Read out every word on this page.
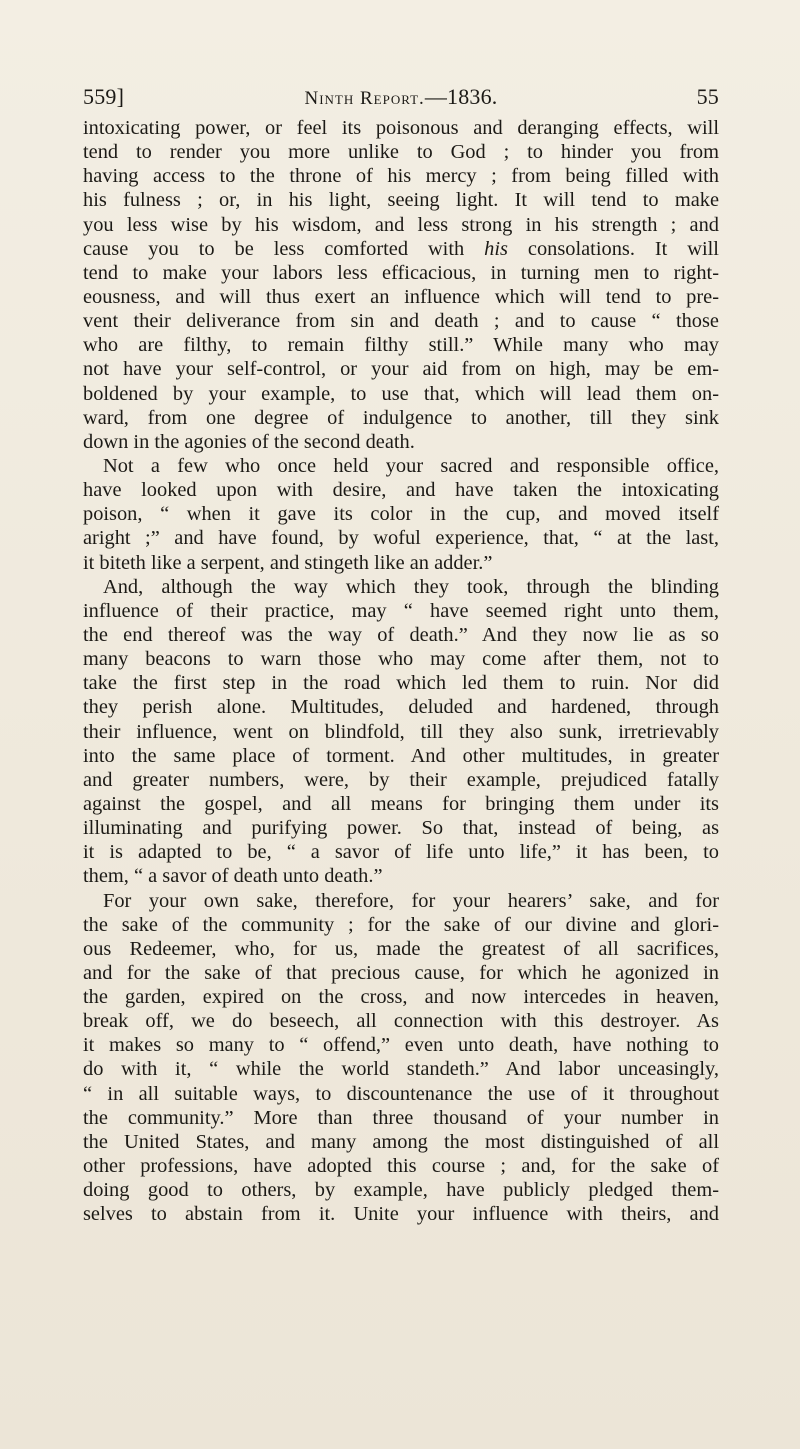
559]	Ninth Report.—1836.	55
intoxicating power, or feel its poisonous and deranging effects, will
tend to render you more unlike to God ; to hinder you from
having access to the throne of his mercy ; from being filled with
his fulness ; or, in his light, seeing light. It will tend to make
you less wise by his wisdom, and less strong in his strength ; and
cause you to be less comforted with his consolations. It will
tend to make your labors less efficacious, in turning men to right-
eousness, and will thus exert an influence which will tend to pre-
vent their deliverance from sin and death ; and to cause “ those
who are filthy, to remain filthy still.” While many who may
not have your self-control, or your aid from on high, may be em-
boldened by your example, to use that, which will lead them on-
ward, from one degree of indulgence to another, till they sink
down in the agonies of the second death.
Not a few who once held your sacred and responsible office,
have looked upon with desire, and have taken the intoxicating
poison, “ when it gave its color in the cup, and moved itself
aright ;” and have found, by woful experience, that, “ at the last,
it biteth like a serpent, and stingeth like an adder.”
And, although the way which they took, through the blinding
influence of their practice, may “ have seemed right unto them,
the end thereof was the way of death.” And they now lie as so
many beacons to warn those who may come after them, not to
take the first step in the road which led them to ruin. Nor did
they perish alone. Multitudes, deluded and hardened, through
their influence, went on blindfold, till they also sunk, irretrievably
into the same place of torment. And other multitudes, in greater
and greater numbers, were, by their example, prejudiced fatally
against the gospel, and all means for bringing them under its
illuminating and purifying power. So that, instead of being, as
it is adapted to be, “ a savor of life unto life,” it has been, to
them, “ a savor of death unto death.”
For your own sake, therefore, for your hearers’ sake, and for
the sake of the community ; for the sake of our divine and glori-
ous Redeemer, who, for us, made the greatest of all sacrifices,
and for the sake of that precious cause, for which he agonized in
the garden, expired on the cross, and now intercedes in heaven,
break off, we do beseech, all connection with this destroyer. As
it makes so many to “ offend,” even unto death, have nothing to
do with it, “ while the world standeth.” And labor unceasingly,
“ in all suitable ways, to discountenance the use of it throughout
the community.” More than three thousand of your number in
the United States, and many among the most distinguished of all
other professions, have adopted this course ; and, for the sake of
doing good to others, by example, have publicly pledged them-
selves to abstain from it. Unite your influence with theirs, and
